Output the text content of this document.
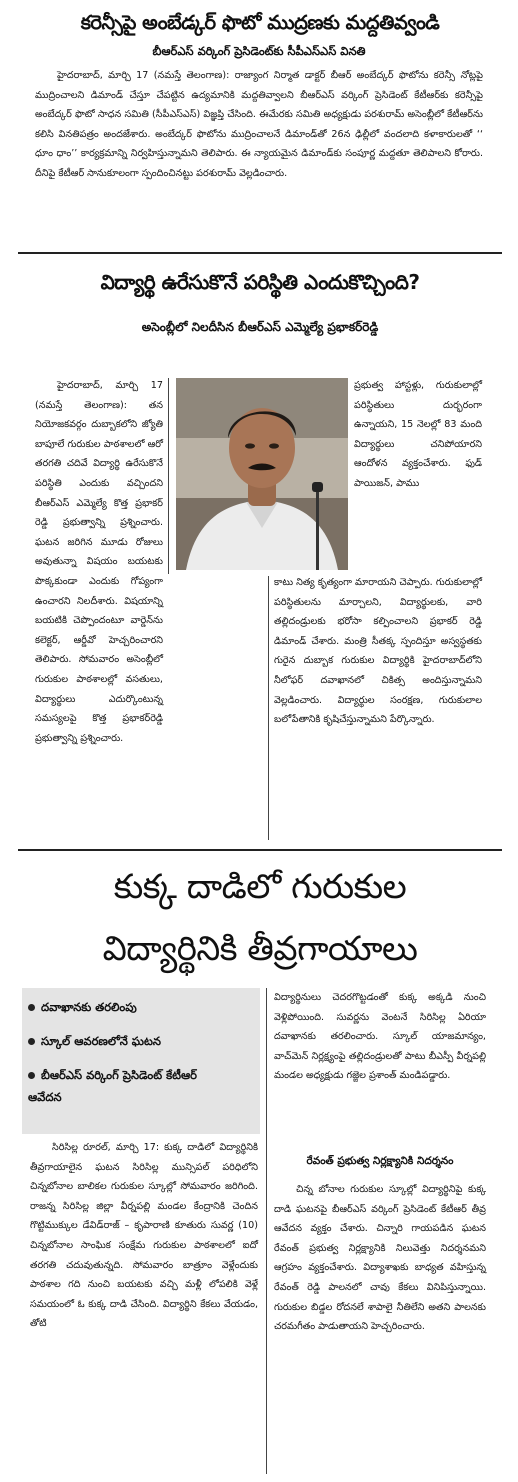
కరెన్సీపై అంబేడ్కర్ ఫొటో ముద్రణకు మద్దతివ్వండి
బీఆర్ఎస్ వర్కింగ్ ప్రెసిడెంట్‌కు సీపీఎస్ఎస్ వినతి

హైదరాబాద్, మార్చి 17 (నమస్తే తెలంగాణ): రాజ్యాంగ నిర్మాత డాక్టర్ బీఆర్ అంబేద్కర్ ఫొటోను కరెన్సీ నోట్లపై ముద్రించాలని డిమాండ్ చేస్తూ చేపట్టిన ఉద్యమానికి మద్దతివ్వాలని బీఆర్ఎస్ వర్కింగ్ ప్రెసిడెంట్ కేటీఆర్‌కు కరెన్సీపై అంబేద్కర్ ఫొటో సాధన సమితి (సీపీఎస్ఎస్) విజ్ఞప్తి చేసింది. ఈమేరకు సమితి అధ్యక్షుడు పరశురామ్ అసెంబ్లీలో కేటీఆర్‌ను కలిసి వినతిపత్రం అందజేశారు. అంబేద్కర్ ఫొటోను ముద్రించాలనే డిమాండ్‌తో 26న ఢిల్లీలో వందలాది కళాకారులతో ‘‘ ధూం ధాం’’ కార్యక్రమాన్ని నిర్వహిస్తున్నామని తెలిపారు. ఈ న్యాయమైన డిమాండ్‌కు సంపూర్ణ మద్దతూ తెలిపాలని కోరారు. దీనిపై కేటీఆర్ సానుకూలంగా స్పందించినట్టు పరశురామ్ వెల్లడించారు.

విద్యార్థి ఉరేసుకొనే పరిస్థితి ఎందుకొచ్చింది?
అసెంబ్లీలో నిలదీసిన బీఆర్ఎస్ ఎమ్మెల్యే ప్రభాకర్‌రెడ్డి

హైదరాబాద్, మార్చి 17 (నమస్తే తెలంగాణ): తన నియోజకవర్గం దుబ్బాకలోని జ్యోతి బాపూలే గురుకుల పాఠశాలలో ఆరో తరగతి చదివే విద్యార్థి ఉరేసుకొనే పరిస్థితి ఎందుకు వచ్చిందని బీఆర్ఎస్ ఎమ్మెల్యే కొత్త ప్రభాకర్ రెడ్డి ప్రభుత్వాన్ని ప్రశ్నించారు. ఘటన జరిగిన మూడు రోజులు అవుతున్నా విషయం బయటకు పొక్కకుండా ఎందుకు గోప్యంగా ఉంచారని నిలదీశారు. విషయాన్ని బయటికి చెప్పొందంటూ వార్డెన్‌ను కలెక్టర్, ఆర్డీవో హెచ్చరించారని తెలిపారు. సోమవారం అసెంబ్లీలో గురుకుల పాఠశాలల్లో వసతులు, విద్యార్థులు ఎదుర్కొంటున్న సమస్యలపై కొత్త ప్రభాకర్‌రెడ్డి ప్రభుత్వాన్ని ప్రశ్నించారు.

ప్రభుత్వ హాస్టళ్లు, గురుకులాల్లో పరిస్థితులు దుర్భరంగా ఉన్నాయని, 15 నెలల్లో 83 మంది విద్యార్థులు చనిపోయారని ఆందోళన వ్యక్తంచేశారు. ఫుడ్ పాయిజన్, పాము

కాటు నిత్య కృత్యంగా మారాయని చెప్పారు. గురుకులాల్లో పరిస్థితులను మార్చాలని, విద్యార్థులకు, వారి తల్లిదండ్రులకు భరోసా కల్పించాలని ప్రభాకర్ రెడ్డి డిమాండ్ చేశారు. మంత్రి సీతక్క స్పందిస్తూ అస్వస్థతకు గురైన దుబ్బాక గురుకుల విద్యార్థికి హైదరాబాద్‌లోని నీలోఫర్ దవాఖానలో చికిత్స అందిస్తున్నామని వెల్లడించారు. విద్యార్థుల సంరక్షణ, గురుకులాల బలోపేతానికి కృషిచేస్తున్నామని పేర్కొన్నారు.

కుక్క దాడిలో గురుకుల
విద్యార్థినికి తీవ్రగాయాలు
దవాఖానకు తరలింపు
స్కూల్ ఆవరణలోనే ఘటన
బీఆర్ఎస్ వర్కింగ్ ప్రెసిడెంట్ కేటీఆర్ ఆవేదన

సిరిసిల్ల రూరల్, మార్చి 17: కుక్క దాడిలో విద్యార్థినికి తీవ్రగాయాలైన ఘటన సిరిసిల్ల మున్సిపల్ పరిధిలోని చిన్నబోనాల బాలికల గురుకుల స్కూల్లో సోమవారం జరిగింది. రాజన్న సిరిసిల్ల జిల్లా వీర్నపల్లి మండల కేంద్రానికి చెందిన గొట్టిముక్కుల డేవిడ్‌రాజ్ – కృపారాణి కూతురు సువర్ణ (10) చిన్నబోనాల సాంఘిక సంక్షేమ గురుకుల పాఠశాలలో ఐదో తరగతి చదువుతున్నది. సోమవారం బాత్రూం వెళ్లేందుకు పాఠశాల గది నుంచి బయటకు వచ్చి మళ్లీ లోపలికి వెళ్లే సమయంలో ఓ కుక్క దాడి చేసింది. విద్యార్థిని కేకలు వేయడం, తోటి

విద్యార్థినులు చెదరగొట్టడంతో కుక్క అక్కడి నుంచి వెళ్లిపోయింది. సువర్ణను వెంటనే సిరిసిల్ల ఏరియా దవాఖానకు తరలించారు. స్కూల్ యాజమాన్యం, వాచ్‌మెన్ నిర్లక్ష్యంపై తల్లిదండ్రులతో పాటు బీఎస్పీ వీర్నపల్లి మండల అధ్యక్షుడు గజ్జెల ప్రశాంత్ మండిపడ్డారు.

రేవంత్ ప్రభుత్వ నిర్లక్ష్యానికి నిదర్శనం

చిన్న బోనాల గురుకుల స్కూల్లో విద్యార్థినిపై కుక్క దాడి ఘటనపై బీఆర్ఎస్ వర్కింగ్ ప్రెసిడెంట్ కేటీఆర్ తీవ్ర ఆవేదన వ్యక్తం చేశారు. చిన్నారి గాయపడిన ఘటన రేవంత్ ప్రభుత్వ నిర్లక్ష్యానికి నిలువెత్తు నిదర్శనమని ఆగ్రహం వ్యక్తంచేశారు. విద్యాశాఖకు బాధ్యత వహిస్తున్న రేవంత్ రెడ్డి పాలనలో చావు కేకలు వినిపిస్తున్నాయి. గురుకుల బిడ్డల రోదనలే శాపాలై నీతిలేని అతని పాలనకు చరమగీతం పాడుతాయని హెచ్చరించారు.
